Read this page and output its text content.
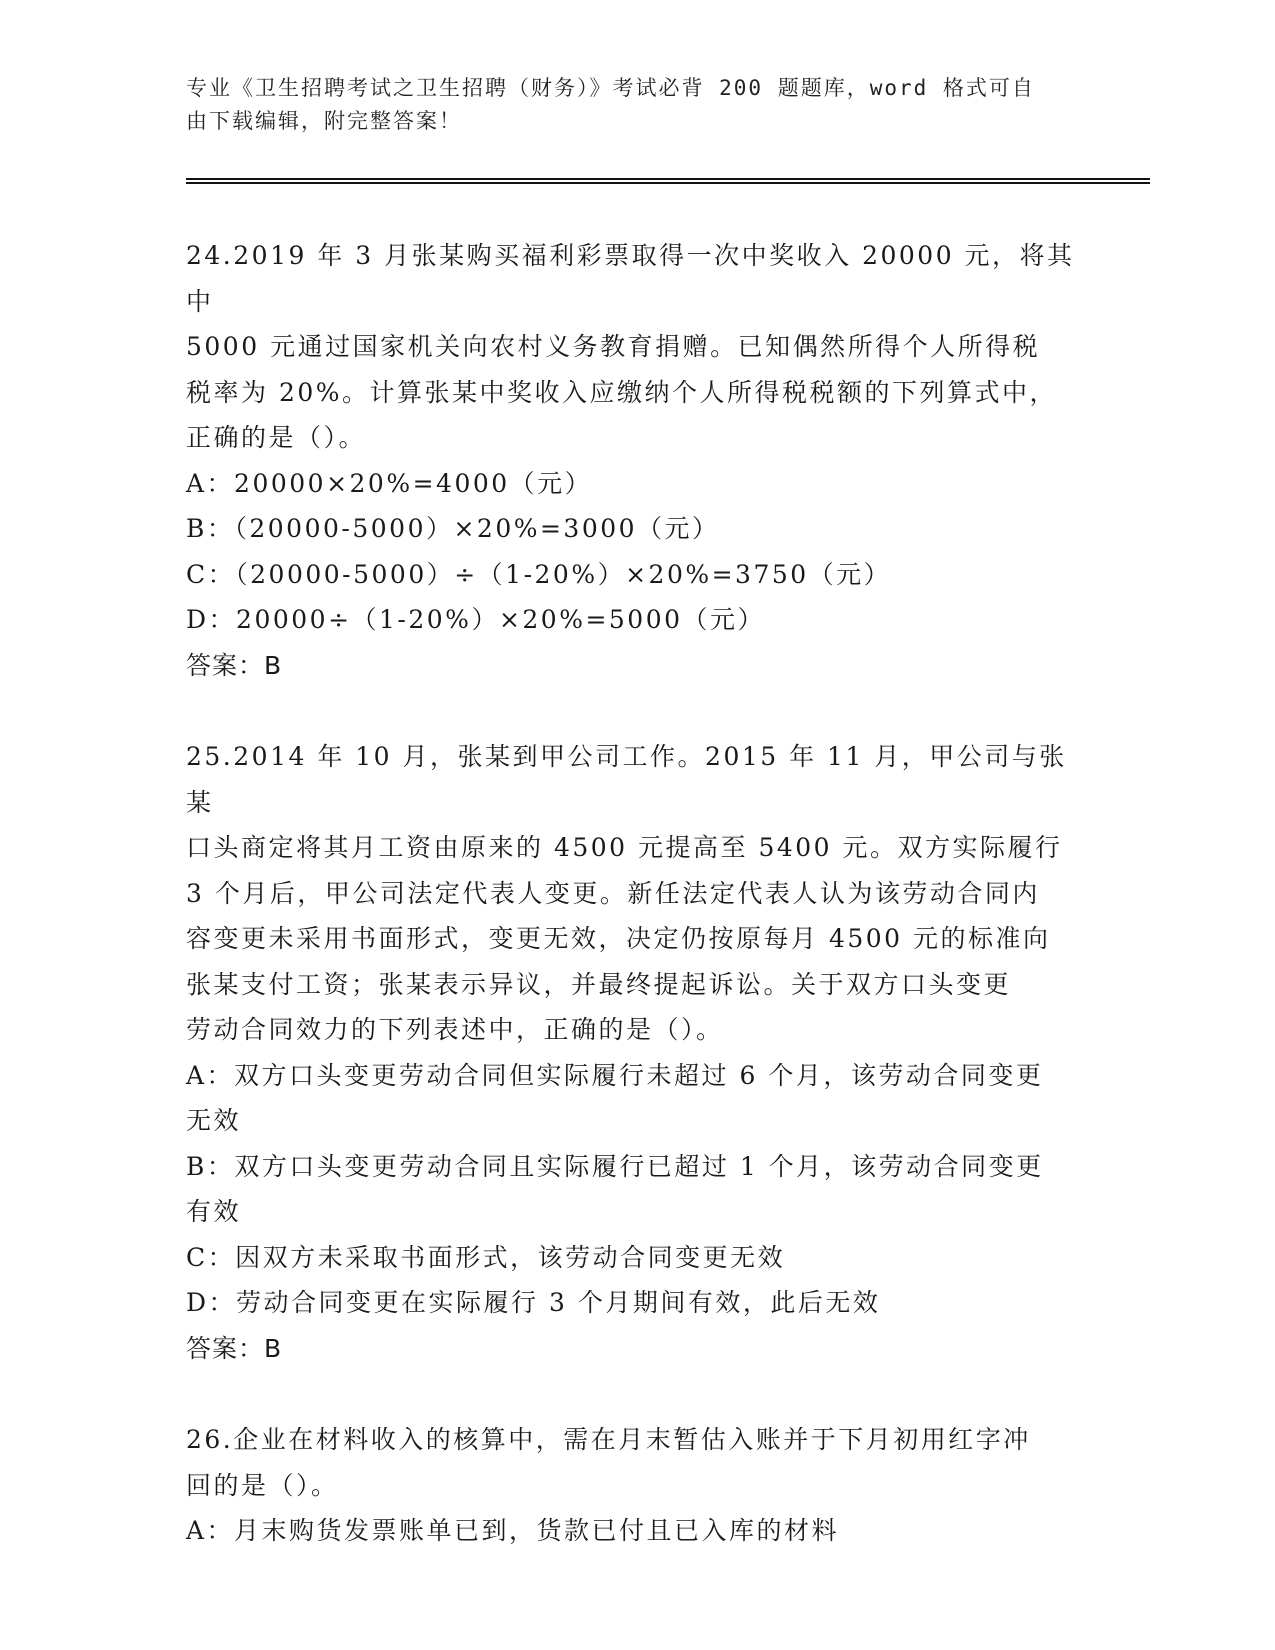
专业《卫生招聘考试之卫生招聘（财务）》考试必背 200 题题库，word 格式可自
由下载编辑，附完整答案！

24.2019 年 3 月张某购买福利彩票取得一次中奖收入 20000 元，将其中

5000 元通过国家机关向农村义务教育捐赠。已知偶然所得个人所得税

税率为 20%。计算张某中奖收入应缴纳个人所得税税额的下列算式中，

正确的是（）。

A：20000×20%=4000（元）

B：（20000-5000）×20%=3000（元）

C：（20000-5000）÷（1-20%）×20%=3750（元）

D：20000÷（1-20%）×20%=5000（元）

答案：B

25.2014 年 10 月，张某到甲公司工作。2015 年 11 月，甲公司与张某

口头商定将其月工资由原来的 4500 元提高至 5400 元。双方实际履行

3 个月后，甲公司法定代表人变更。新任法定代表人认为该劳动合同内

容变更未采用书面形式，变更无效，决定仍按原每月 4500 元的标准向

张某支付工资；张某表示异议，并最终提起诉讼。关于双方口头变更

劳动合同效力的下列表述中，正确的是（）。

A：双方口头变更劳动合同但实际履行未超过 6 个月，该劳动合同变更

无效

B：双方口头变更劳动合同且实际履行已超过 1 个月，该劳动合同变更

有效

C：因双方未采取书面形式，该劳动合同变更无效

D：劳动合同变更在实际履行 3 个月期间有效，此后无效

答案：B

26.企业在材料收入的核算中，需在月末暂估入账并于下月初用红字冲

回的是（）。

A：月末购货发票账单已到，货款已付且已入库的材料
